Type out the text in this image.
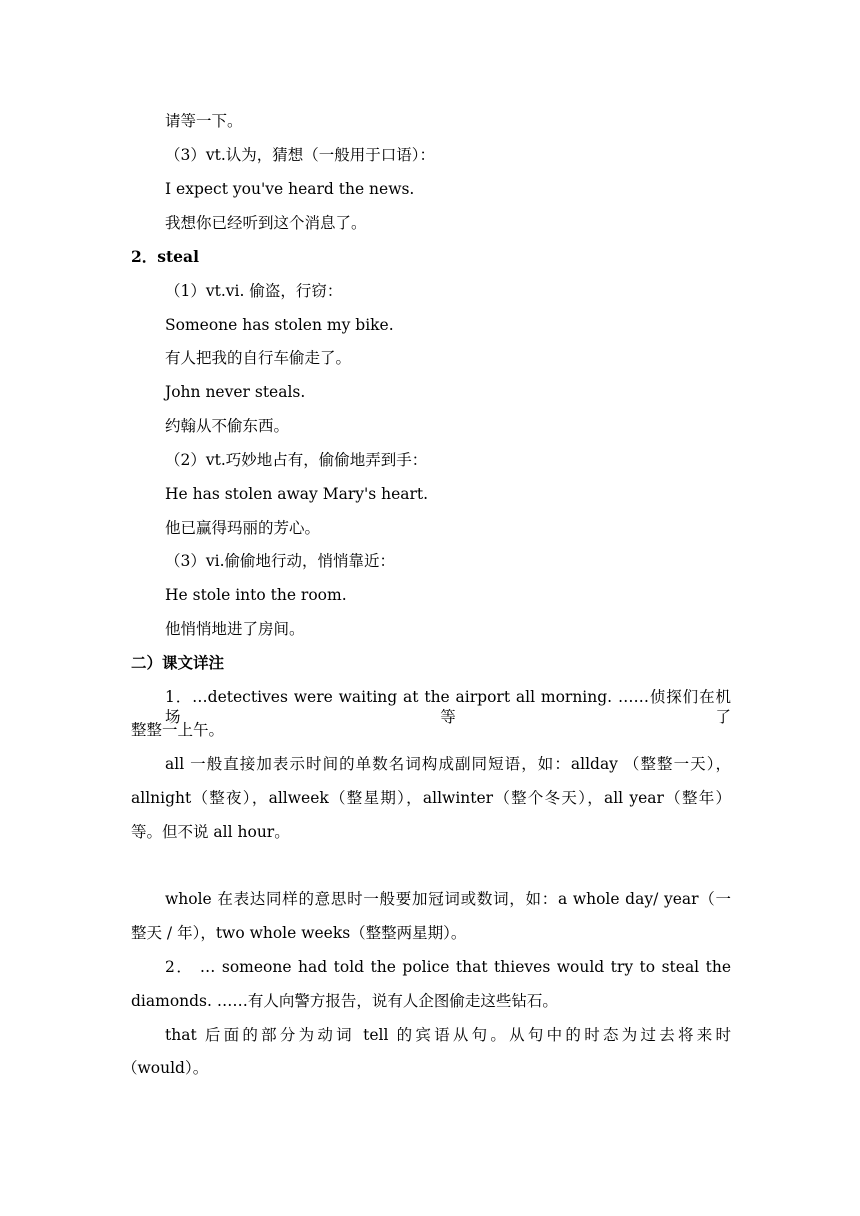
请等一下。
（3）vt.认为，猜想（一般用于口语）：
I expect you've heard the news.
我想你已经听到这个消息了。
2．steal
（1）vt.vi. 偷盗，行窃：
Someone has stolen my bike.
有人把我的自行车偷走了。
John never steals.
约翰从不偷东西。
（2）vt.巧妙地占有，偷偷地弄到手：
He has stolen away Mary's heart.
他已赢得玛丽的芳心。
（3）vi.偷偷地行动，悄悄靠近：
He stole into the room.
他悄悄地进了房间。
二）课文详注
1．…detectives were waiting at the airport all morning. ……侦探们在机场等了
整整一上午。
all 一般直接加表示时间的单数名词构成副同短语，如：allday （整整一天），
allnight（整夜），allweek（整星期），allwinter（整个冬天），all year（整年）
等。但不说 all hour。
whole 在表达同样的意思时一般要加冠词或数词，如：a whole day/ year（一
整天 / 年），two whole weeks（整整两星期）。
2． … someone had told the police that thieves would try to steal the
diamonds. ……有人向警方报告，说有人企图偷走这些钻石。
that 后面的部分为动词 tell 的宾语从句。从句中的时态为过去将来时
（would）。
